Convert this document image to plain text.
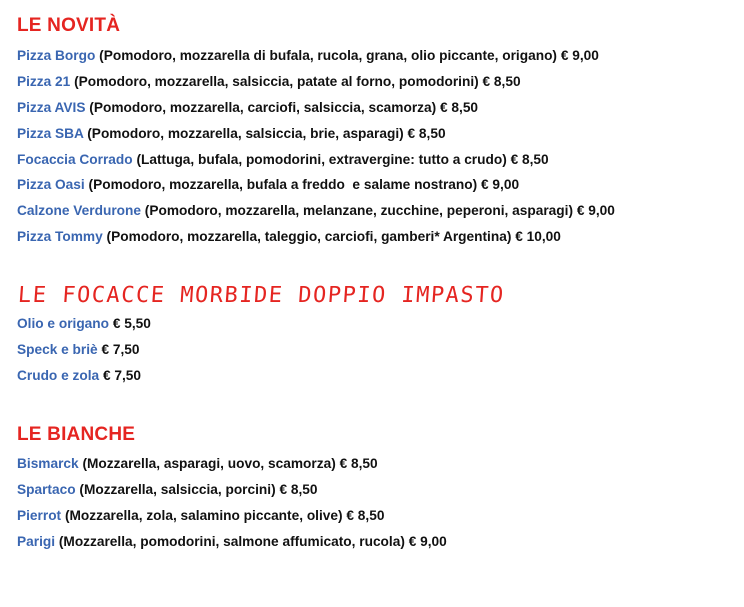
LE NOVITÀ
Pizza Borgo (Pomodoro, mozzarella di bufala, rucola, grana, olio piccante, origano) € 9,00
Pizza 21 (Pomodoro, mozzarella, salsiccia, patate al forno, pomodorini) € 8,50
Pizza AVIS (Pomodoro, mozzarella, carciofi, salsiccia, scamorza) € 8,50
Pizza SBA (Pomodoro, mozzarella, salsiccia, brie, asparagi) € 8,50
Focaccia Corrado (Lattuga, bufala, pomodorini, extravergine: tutto a crudo) € 8,50
Pizza Oasi (Pomodoro, mozzarella, bufala a freddo  e salame nostrano) € 9,00
Calzone Verdurone (Pomodoro, mozzarella, melanzane, zucchine, peperoni, asparagi) € 9,00
Pizza Tommy (Pomodoro, mozzarella, taleggio, carciofi, gamberi* Argentina) € 10,00
LE FOCACCE MORBIDE DOPPIO IMPASTO
Olio e origano € 5,50
Speck e briè € 7,50
Crudo e zola € 7,50
LE BIANCHE
Bismarck (Mozzarella, asparagi, uovo, scamorza) € 8,50
Spartaco (Mozzarella, salsiccia, porcini) € 8,50
Pierrot (Mozzarella, zola, salamino piccante, olive) € 8,50
Parigi (Mozzarella, pomodorini, salmone affumicato, rucola) € 9,00
